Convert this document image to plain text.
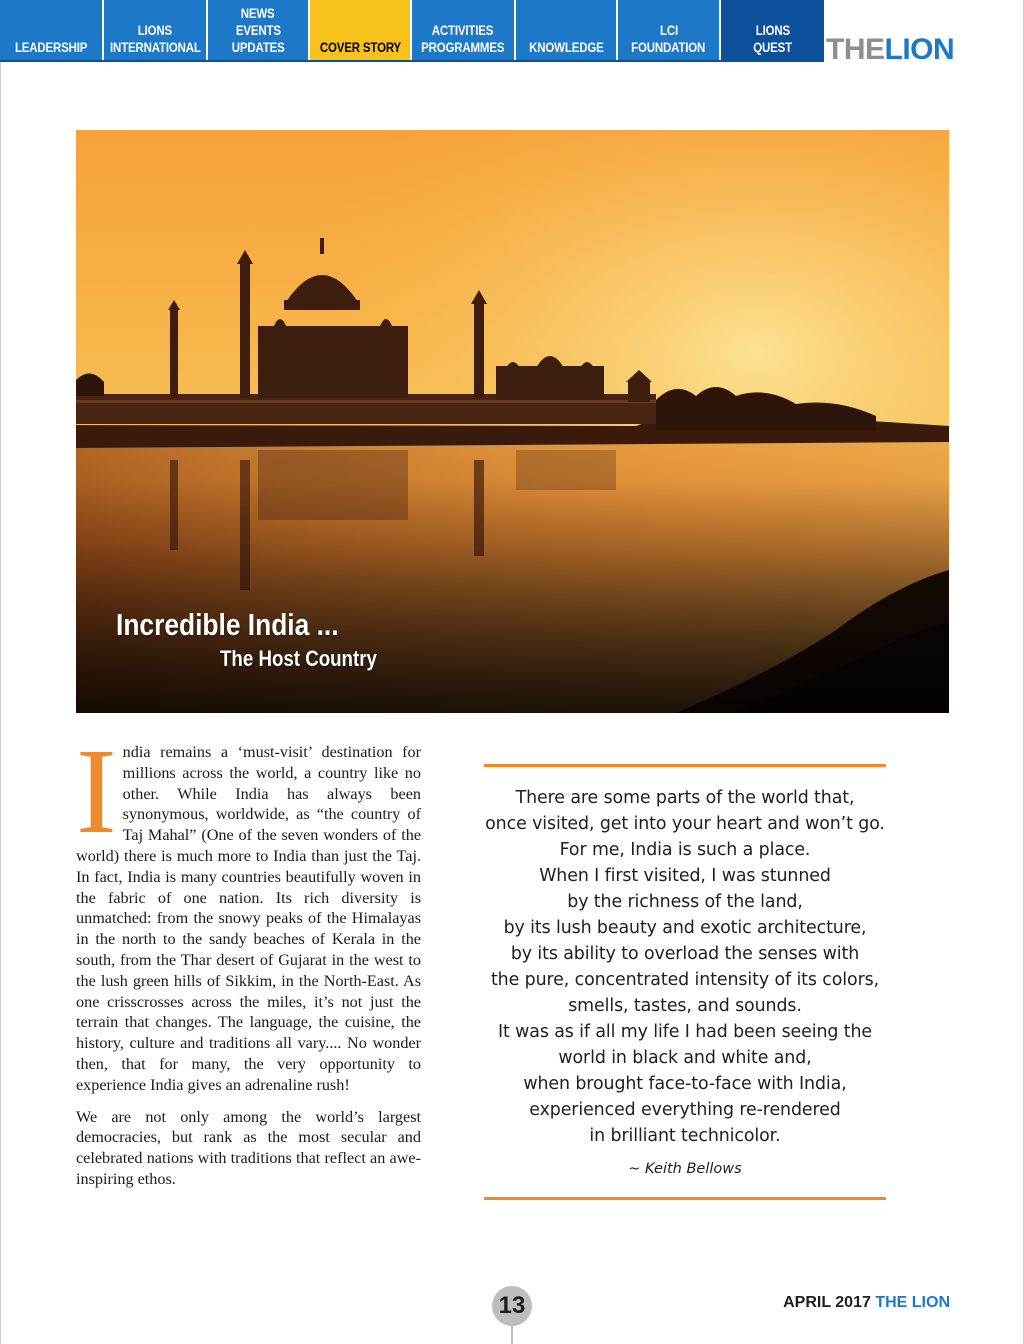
LEADERSHIP
LIONS
INTERNATIONAL
NEWS
EVENTS
UPDATES	COVER STORY
ACTIVITIES
PROGRAMMES KNOWLEDGE
LCI
FOUNDATION
LIONS
QUEST THELION
Incredible India ...
The Host Country

India remains a ‘must-visit’ destination for millions across the world, a country like no other. While India has always been synonymous, worldwide, as “the country of Taj Mahal” (One of the seven wonders of the world) there is much more to India than just the Taj. In fact, India is many countries beautifully woven in the fabric of one nation. Its rich diversity is unmatched: from the snowy peaks of the Himalayas in the north to the sandy beaches of Kerala in the south, from the Thar desert of Gujarat in the west to the lush green hills of Sikkim, in the North-East. As one crisscrosses across the miles, it’s not just the terrain that changes. The language, the cuisine, the history, culture and traditions all vary.... No wonder then, that for many, the very opportunity to experience India gives an adrenaline rush!

We are not only among the world’s largest democracies, but rank as the most secular and celebrated nations with traditions that reflect an awe-inspiring ethos.

There are some parts of the world that,
once visited, get into your heart and won’t go.
For me, India is such a place.
When I first visited, I was stunned
by the richness of the land,
by its lush beauty and exotic architecture,
by its ability to overload the senses with
the pure, concentrated intensity of its colors,
smells, tastes, and sounds.
It was as if all my life I had been seeing the
world in black and white and,
when brought face-to-face with India,
experienced everything re-rendered
in brilliant technicolor.
~ Keith Bellows
13	APRIL 2017 THE LION
